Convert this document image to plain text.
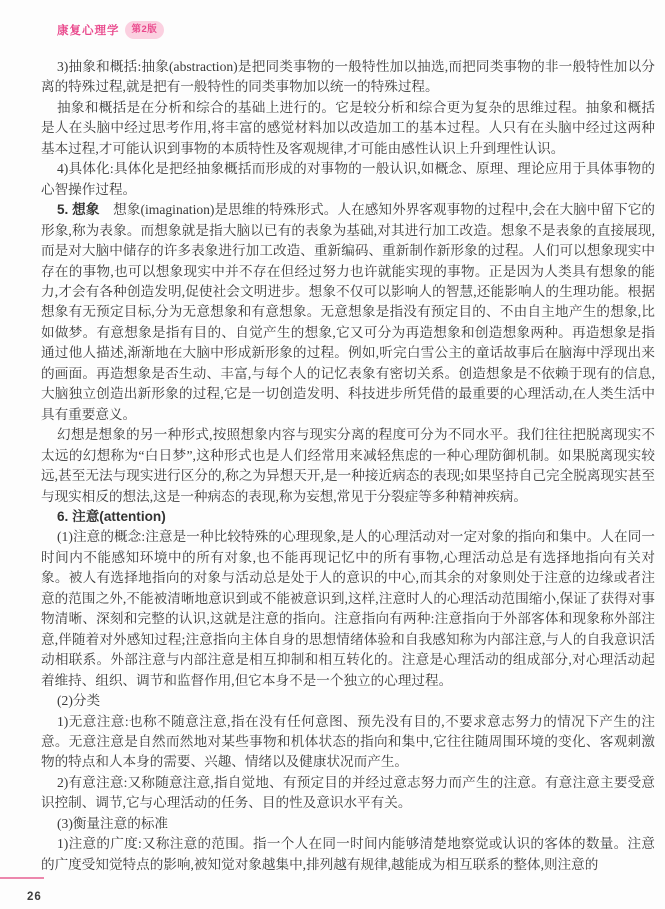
康复心理学	第2版

3)抽象和概括:抽象(abstraction)是把同类事物的一般特性加以抽选,而把同类事物的非一般特性加以分离的特殊过程,就是把有一般特性的同类事物加以统一的特殊过程。

抽象和概括是在分析和综合的基础上进行的。它是较分析和综合更为复杂的思维过程。抽象和概括是人在头脑中经过思考作用,将丰富的感觉材料加以改造加工的基本过程。人只有在头脑中经过这两种基本过程,才可能认识到事物的本质特性及客观规律,才可能由感性认识上升到理性认识。

4)具体化:具体化是把经抽象概括而形成的对事物的一般认识,如概念、原理、理论应用于具体事物的心智操作过程。

5. 想象　想象(imagination)是思维的特殊形式。人在感知外界客观事物的过程中,会在大脑中留下它的形象,称为表象。而想象就是指大脑以已有的表象为基础,对其进行加工改造。想象不是表象的直接展现,而是对大脑中储存的许多表象进行加工改造、重新编码、重新制作新形象的过程。人们可以想象现实中存在的事物,也可以想象现实中并不存在但经过努力也许就能实现的事物。正是因为人类具有想象的能力,才会有各种创造发明,促使社会文明进步。想象不仅可以影响人的智慧,还能影响人的生理功能。根据想象有无预定目标,分为无意想象和有意想象。无意想象是指没有预定目的、不由自主地产生的想象,比如做梦。有意想象是指有目的、自觉产生的想象,它又可分为再造想象和创造想象两种。再造想象是指通过他人描述,渐渐地在大脑中形成新形象的过程。例如,听完白雪公主的童话故事后在脑海中浮现出来的画面。再造想象是否生动、丰富,与每个人的记忆表象有密切关系。创造想象是不依赖于现有的信息,大脑独立创造出新形象的过程,它是一切创造发明、科技进步所凭借的最重要的心理活动,在人类生活中具有重要意义。

幻想是想象的另一种形式,按照想象内容与现实分离的程度可分为不同水平。我们往往把脱离现实不太远的幻想称为“白日梦”,这种形式也是人们经常用来减轻焦虑的一种心理防御机制。如果脱离现实较远,甚至无法与现实进行区分的,称之为异想天开,是一种接近病态的表现;如果坚持自己完全脱离现实甚至与现实相反的想法,这是一种病态的表现,称为妄想,常见于分裂症等多种精神疾病。

6. 注意(attention)

(1)注意的概念:注意是一种比较特殊的心理现象,是人的心理活动对一定对象的指向和集中。人在同一时间内不能感知环境中的所有对象,也不能再现记忆中的所有事物,心理活动总是有选择地指向有关对象。被人有选择地指向的对象与活动总是处于人的意识的中心,而其余的对象则处于注意的边缘或者注意的范围之外,不能被清晰地意识到或不能被意识到,这样,注意时人的心理活动范围缩小,保证了获得对事物清晰、深刻和完整的认识,这就是注意的指向。注意指向有两种:注意指向于外部客体和现象称外部注意,伴随着对外感知过程;注意指向主体自身的思想情绪体验和自我感知称为内部注意,与人的自我意识活动相联系。外部注意与内部注意是相互抑制和相互转化的。注意是心理活动的组成部分,对心理活动起着维持、组织、调节和监督作用,但它本身不是一个独立的心理过程。

(2)分类

1)无意注意:也称不随意注意,指在没有任何意图、预先没有目的,不要求意志努力的情况下产生的注意。无意注意是自然而然地对某些事物和机体状态的指向和集中,它往往随周围环境的变化、客观刺激物的特点和人本身的需要、兴趣、情绪以及健康状况而产生。

2)有意注意:又称随意注意,指自觉地、有预定目的并经过意志努力而产生的注意。有意注意主要受意识控制、调节,它与心理活动的任务、目的性及意识水平有关。

(3)衡量注意的标准

1)注意的广度:又称注意的范围。指一个人在同一时间内能够清楚地察觉或认识的客体的数量。注意的广度受知觉特点的影响,被知觉对象越集中,排列越有规律,越能成为相互联系的整体,则注意的

26
